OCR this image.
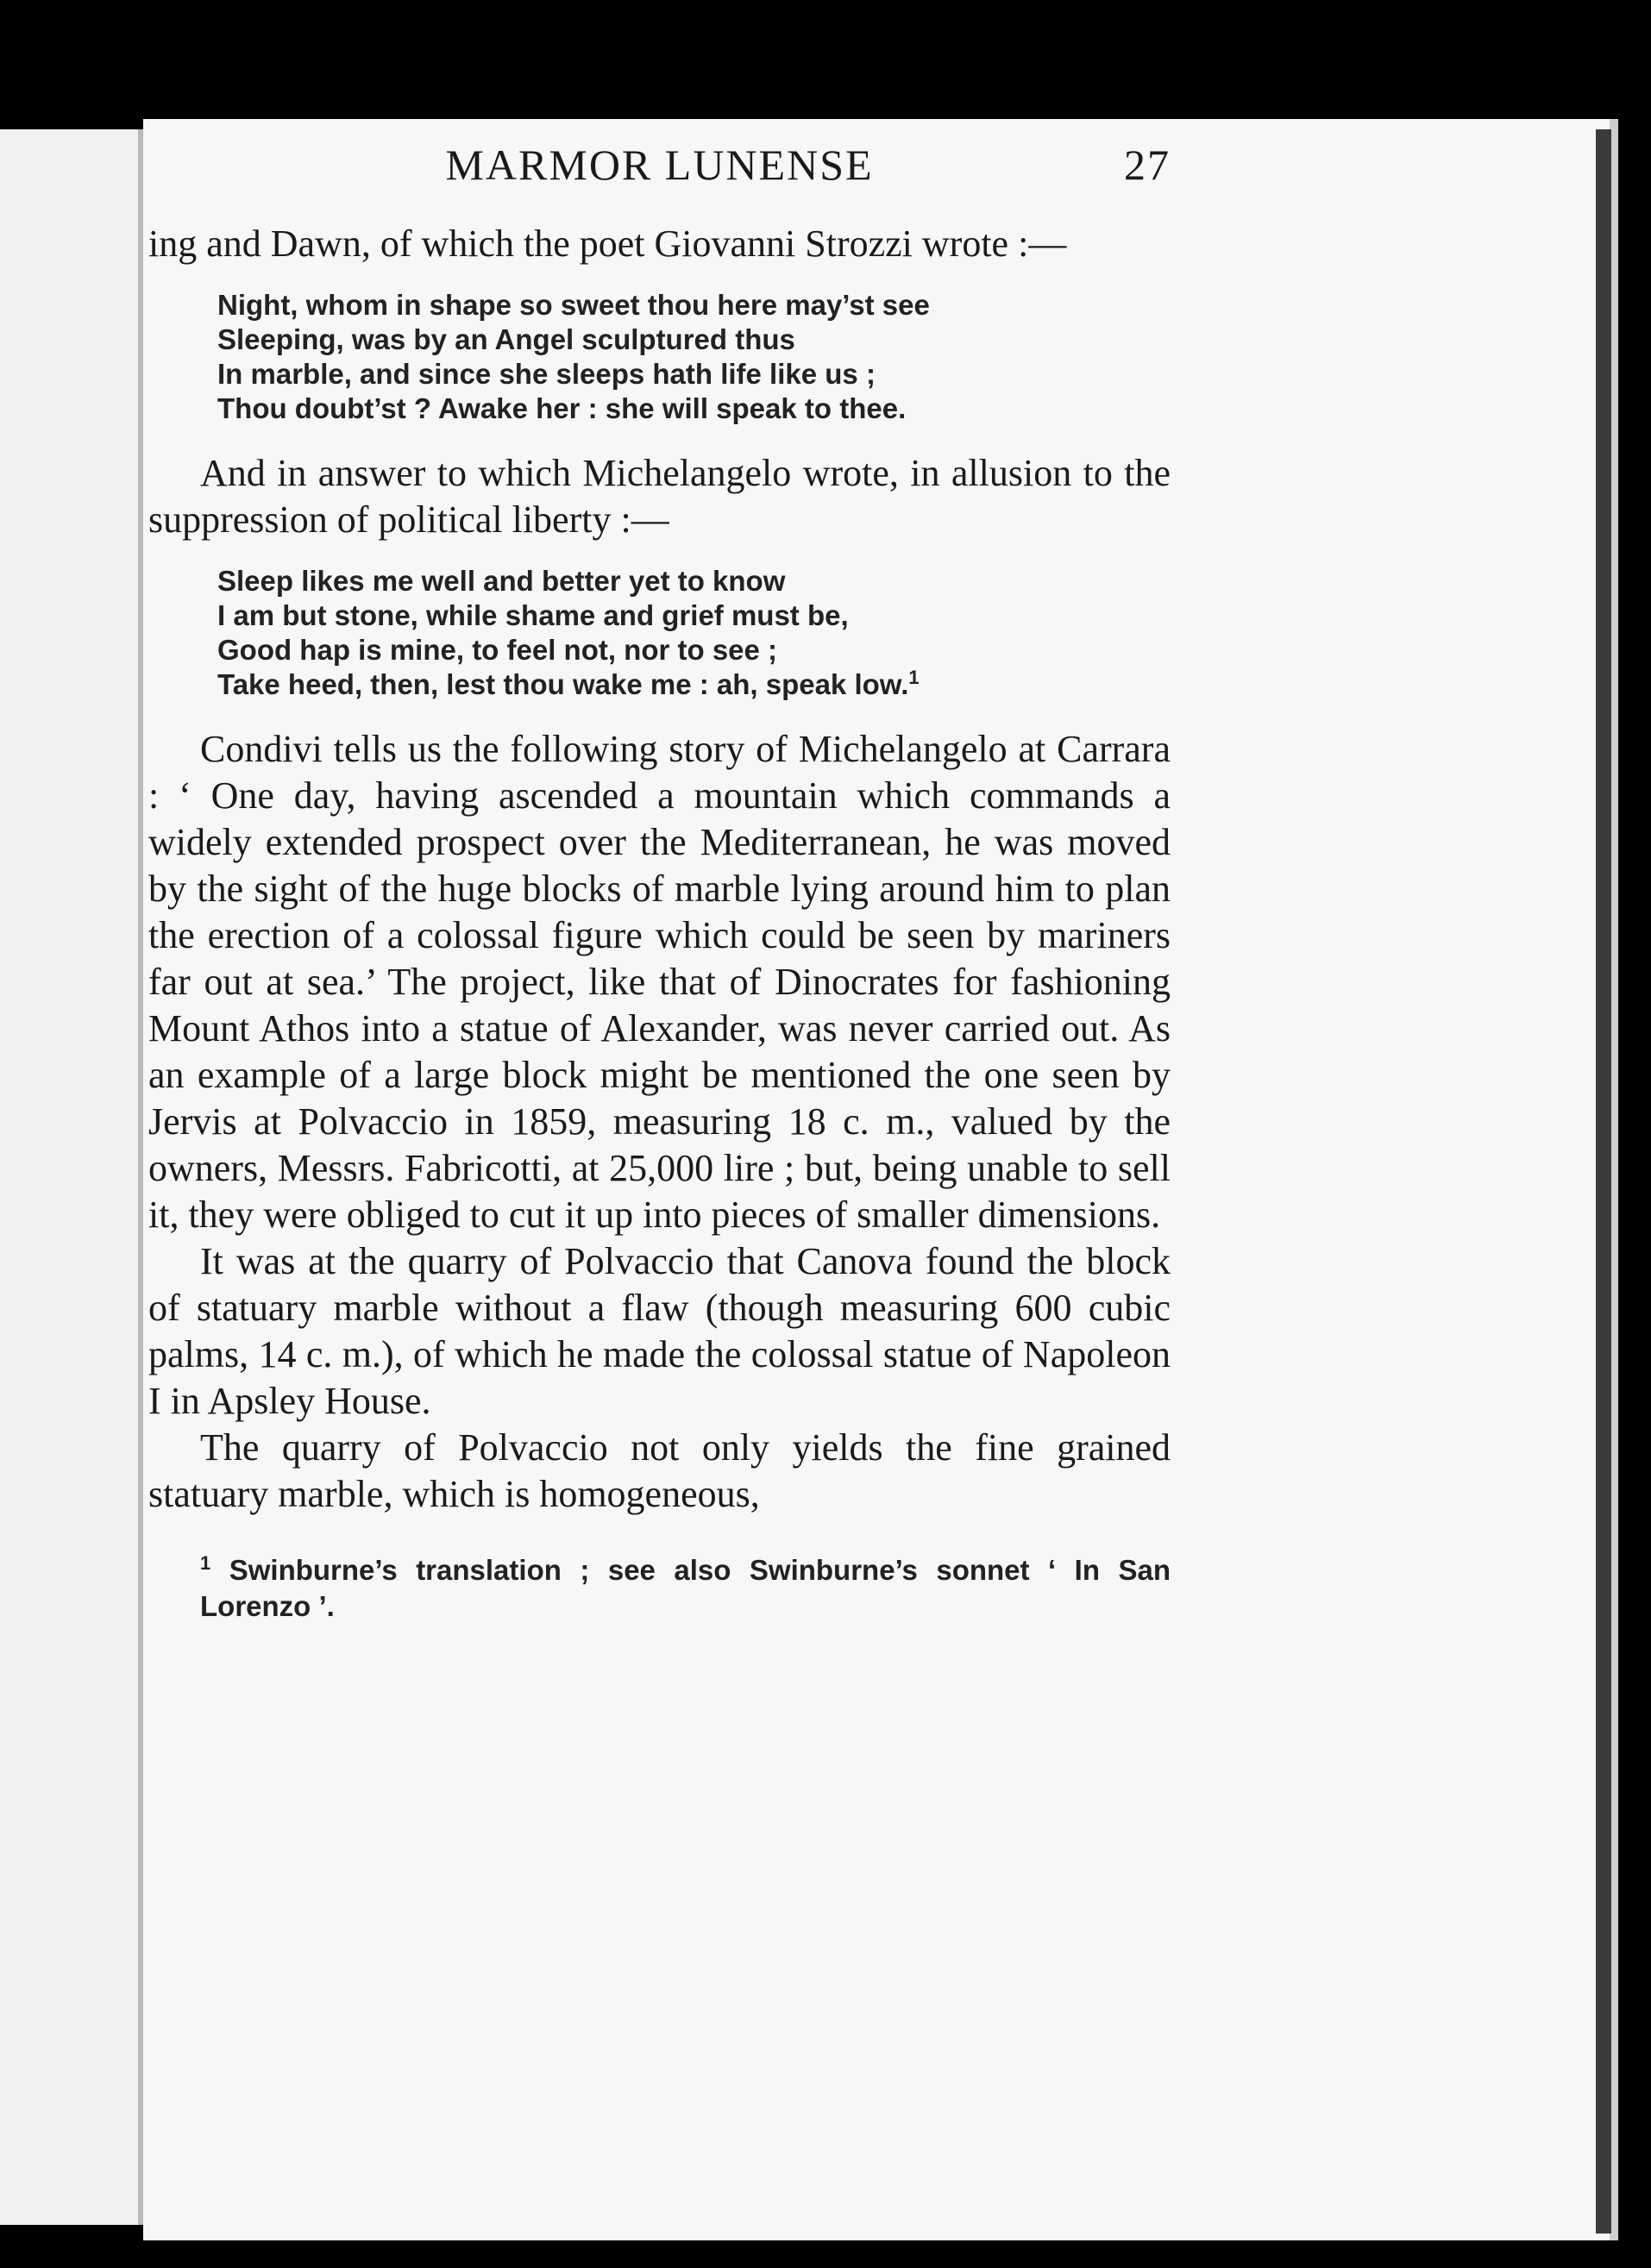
MARMOR LUNENSE	27

ing and Dawn, of which the poet Giovanni Strozzi wrote :—

Night, whom in shape so sweet thou here may’st see
Sleeping, was by an Angel sculptured thus
In marble, and since she sleeps hath life like us ;
Thou doubt’st ? Awake her : she will speak to thee.

And in answer to which Michelangelo wrote, in allusion to the suppression of political liberty :—

Sleep likes me well and better yet to know
I am but stone, while shame and grief must be,
Good hap is mine, to feel not, nor to see ;
Take heed, then, lest thou wake me : ah, speak low.$^1$

Condivi tells us the following story of Michelangelo at Carrara : ‘ One day, having ascended a mountain which commands a widely extended prospect over the Mediterranean, he was moved by the sight of the huge blocks of marble lying around him to plan the erection of a colossal figure which could be seen by mariners far out at sea.’ The project, like that of Dinocrates for fashioning Mount Athos into a statue of Alexander, was never carried out. As an example of a large block might be mentioned the one seen by Jervis at Polvaccio in 1859, measuring 18 c. m., valued by the owners, Messrs. Fabricotti, at 25,000 lire ; but, being unable to sell it, they were obliged to cut it up into pieces of smaller dimensions.

It was at the quarry of Polvaccio that Canova found the block of statuary marble without a flaw (though measuring 600 cubic palms, 14 c. m.), of which he made the colossal statue of Napoleon I in Apsley House.

The quarry of Polvaccio not only yields the fine grained statuary marble, which is homogeneous,

$^1$ Swinburne’s translation ; see also Swinburne’s sonnet ‘ In San Lorenzo ’.
